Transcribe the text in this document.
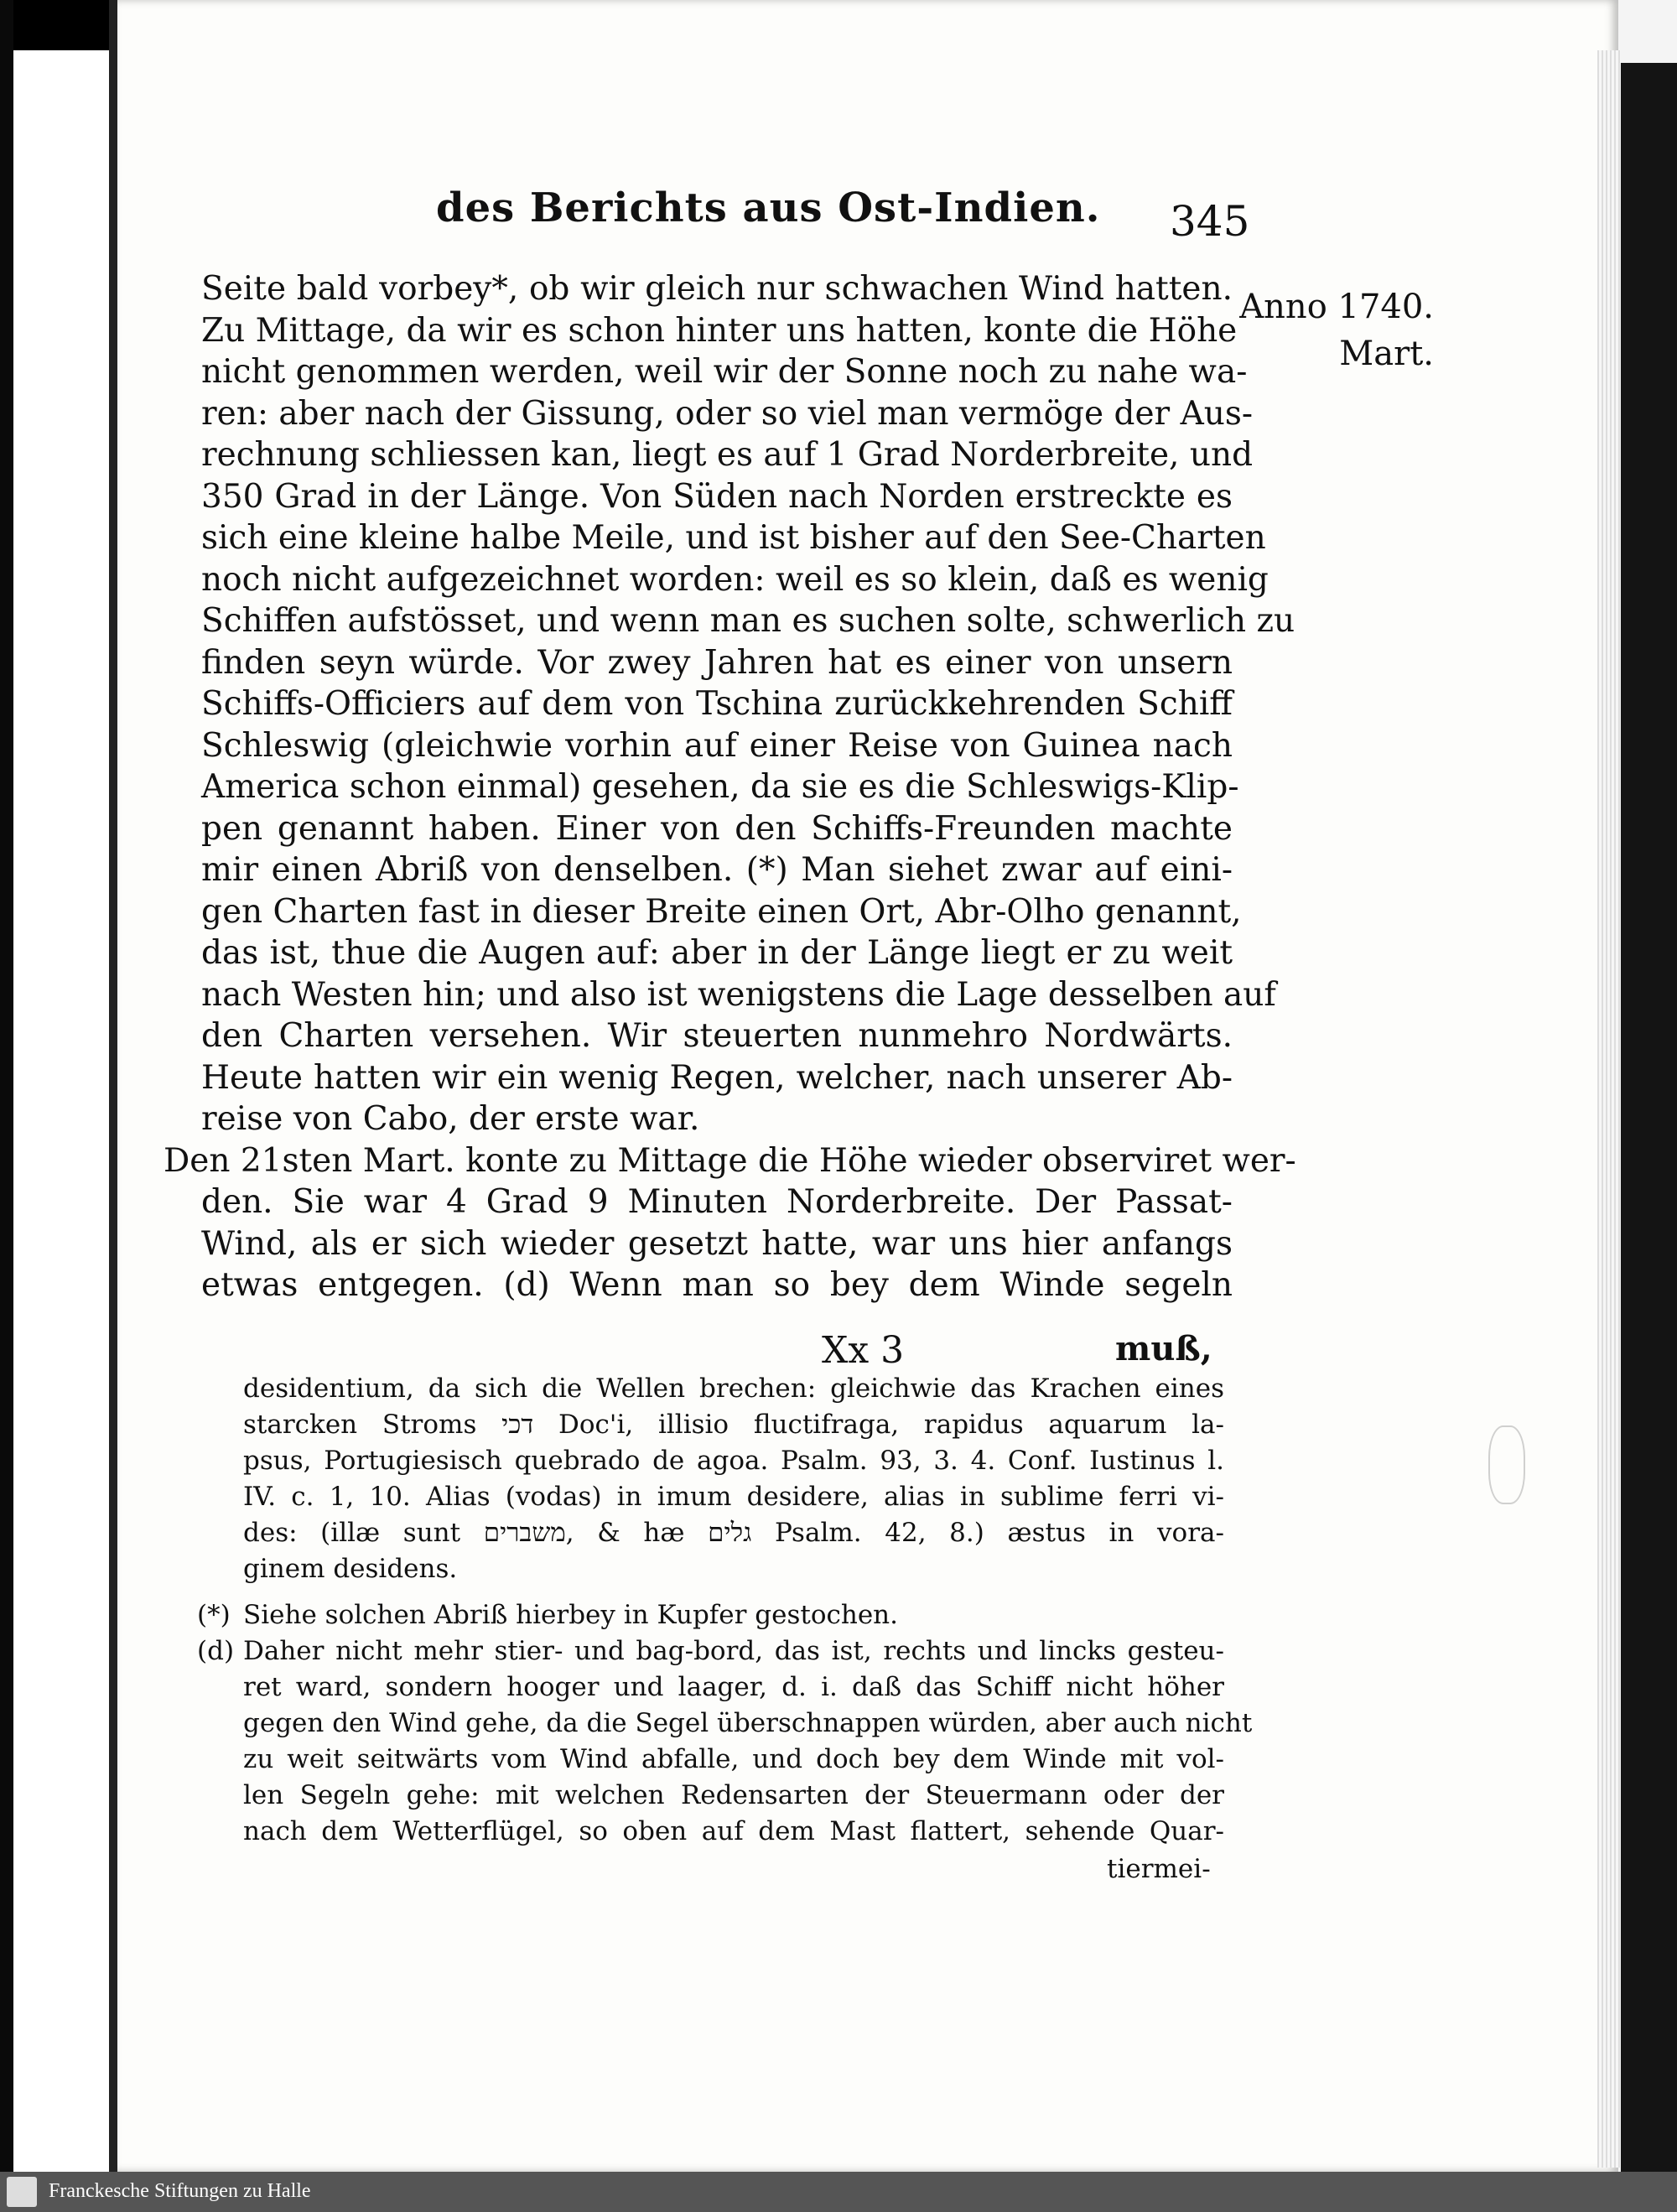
des Berichts aus Ost-Indien. 345
Anno 1740.
Mart.
Seite bald vorbey*, ob wir gleich nur schwachen Wind hatten.
Zu Mittage, da wir es schon hinter uns hatten, konte die Höhe
nicht genommen werden, weil wir der Sonne noch zu nahe wa-
ren: aber nach der Gissung, oder so viel man vermöge der Aus-
rechnung schliessen kan, liegt es auf 1 Grad Norderbreite, und
350 Grad in der Länge. Von Süden nach Norden erstreckte es
sich eine kleine halbe Meile, und ist bisher auf den See-Charten
noch nicht aufgezeichnet worden: weil es so klein, daß es wenig
Schiffen aufstösset, und wenn man es suchen solte, schwerlich zu
finden seyn würde. Vor zwey Jahren hat es einer von unsern
Schiffs-Officiers auf dem von Tschina zurückkehrenden Schiff
Schleswig (gleichwie vorhin auf einer Reise von Guinea nach
America schon einmal) gesehen, da sie es die Schleswigs-Klip-
pen genannt haben. Einer von den Schiffs-Freunden machte
mir einen Abriß von denselben. (*) Man siehet zwar auf eini-
gen Charten fast in dieser Breite einen Ort, Abr-Olho genannt,
das ist, thue die Augen auf: aber in der Länge liegt er zu weit
nach Westen hin; und also ist wenigstens die Lage desselben auf
den Charten versehen. Wir steuerten nunmehro Nordwärts.
Heute hatten wir ein wenig Regen, welcher, nach unserer Ab-
reise von Cabo, der erste war.
Den 21sten Mart. konte zu Mittage die Höhe wieder observiret wer-
den. Sie war 4 Grad 9 Minuten Norderbreite. Der Passat-
Wind, als er sich wieder gesetzt hatte, war uns hier anfangs
etwas entgegen. (d) Wenn man so bey dem Winde segeln
Xx 3	muß,
desidentium, da sich die Wellen brechen: gleichwie das Krachen eines
starcken Stroms דכי Doc'i, illisio fluctifraga, rapidus aquarum la-
psus, Portugiesisch quebrado de agoa. Psalm. 93, 3. 4. Conf. Iustinus l.
IV. c. 1, 10. Alias (vodas) in imum desidere, alias in sublime ferri vi-
des: (illæ sunt משברים, & hæ גלים Psalm. 42, 8.) æstus in vora-
ginem desidens.
(*) Siehe solchen Abriß hierbey in Kupfer gestochen.
(d) Daher nicht mehr stier- und bag-bord, das ist, rechts und lincks gesteu-
ret ward, sondern hooger und laager, d. i. daß das Schiff nicht höher
gegen den Wind gehe, da die Segel überschnappen würden, aber auch nicht
zu weit seitwärts vom Wind abfalle, und doch bey dem Winde mit vol-
len Segeln gehe: mit welchen Redensarten der Steuermann oder der
nach dem Wetterflügel, so oben auf dem Mast flattert, sehende Quar-
tiermei-
Franckesche Stiftungen zu Halle
